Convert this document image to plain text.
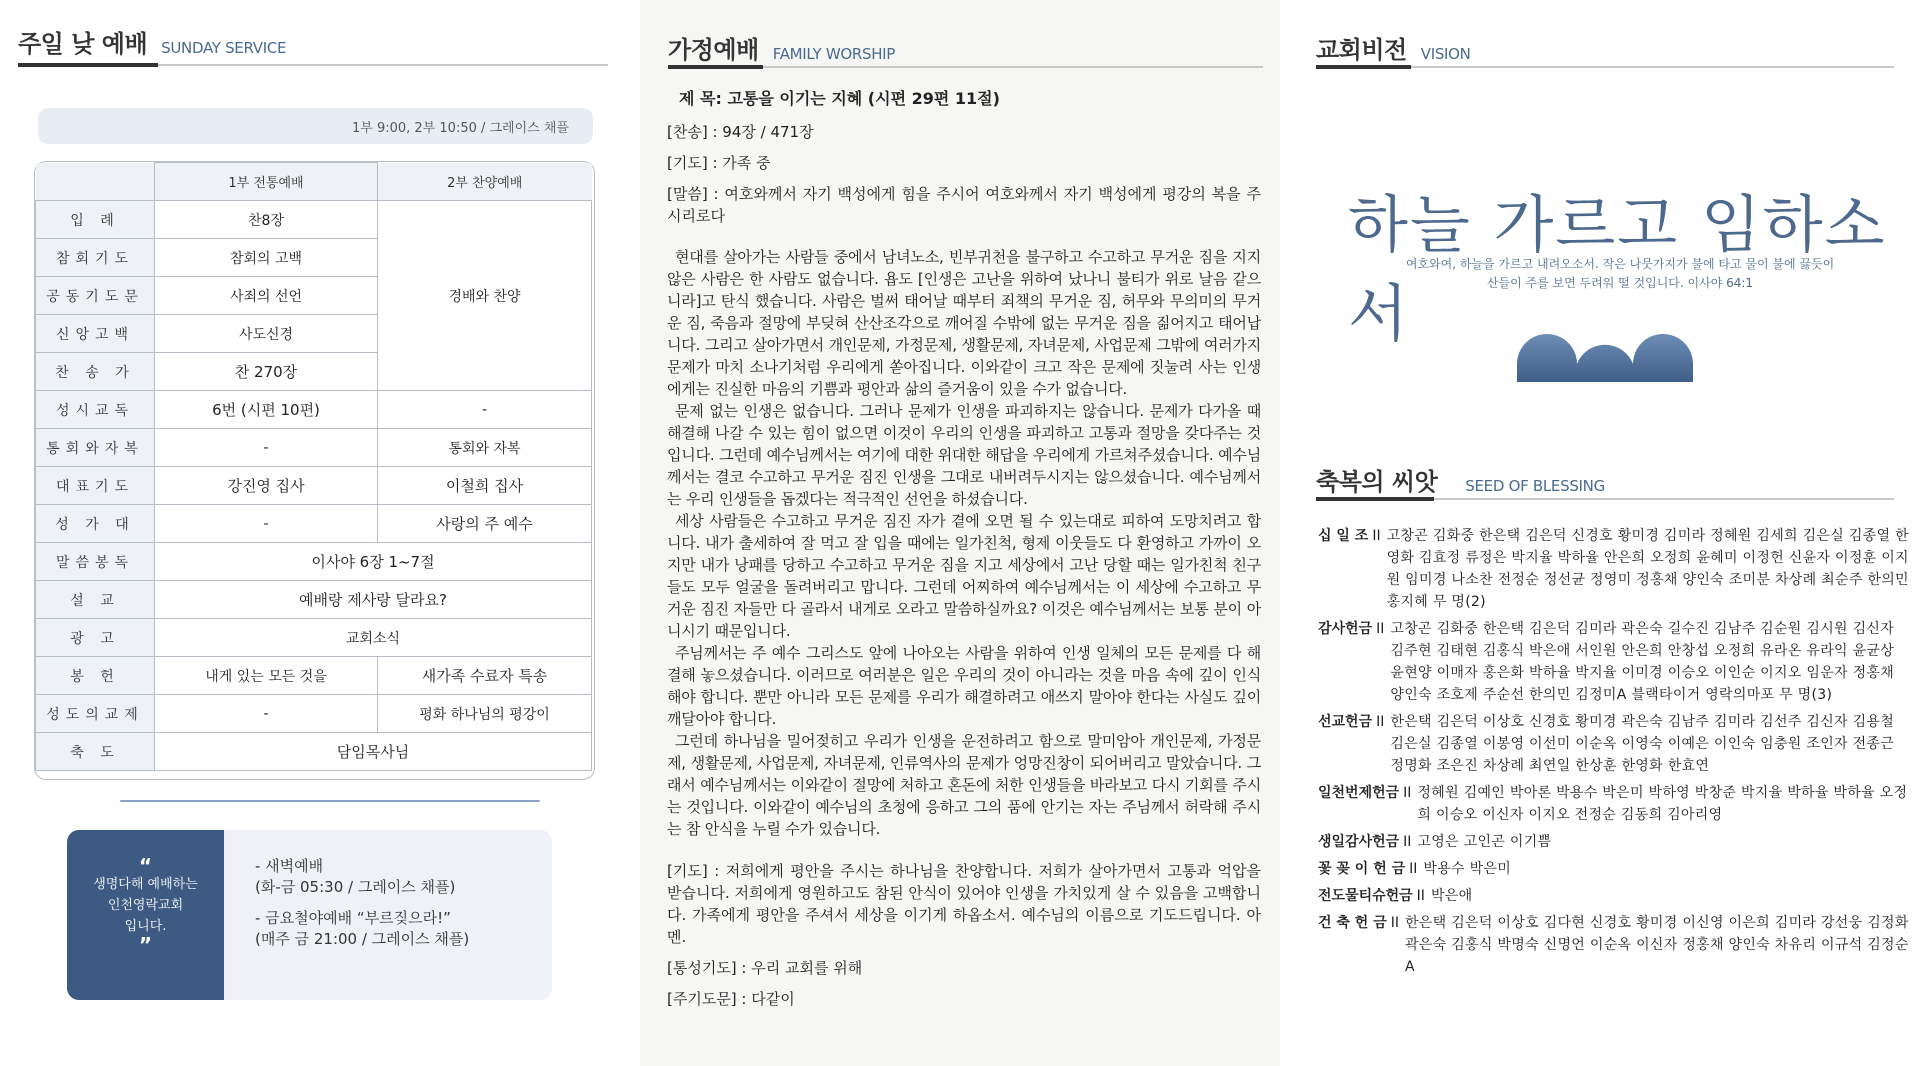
주일 낮 예배 SUNDAY SERVICE
1부 9:00, 2부 10:50 / 그레이스 채플
	1부 전통예배	2부 찬양예배
입 례	찬8장	경배와 찬양
참회기도	참회의 고백	
공동기도문	사죄의 선언	
신앙고백	사도신경	
찬 송 가	찬 270장	
성시교독	6번 (시편 10편)	-
통회와자복	-	통회와 자복
대표기도	강진영 집사	이철희 집사
성 가 대	-	사랑의 주 예수
말씀봉독	이사야 6장 1~7절	
설 교	예배랑 제사랑 달라요?	
광 고	교회소식	
봉 헌	내게 있는 모든 것을	새가족 수료자 특송
성도의교제	-	평화 하나님의 평강이
축 도	담임목사님	
“
생명다해 예배하는
인천영락교회
입니다.
”

- 새벽예배

(화-금 05:30 / 그레이스 채플)

- 금요철야예배 “부르짖으라!”

(매주 금 21:00 / 그레이스 채플)

가정예배 FAMILY WORSHIP
제 목: 고통을 이기는 지혜 (시편 29편 11절)
[찬송] : 94장 / 471장
[기도] : 가족 중
[말씀] : 여호와께서 자기 백성에게 힘을 주시어 여호와께서 자기 백성에게 평강의 복을 주시리로다

현대를 살아가는 사람들 중에서 남녀노소, 빈부귀천을 불구하고 수고하고 무거운 짐을 지지 않은 사람은 한 사람도 없습니다. 욥도 [인생은 고난을 위하여 났나니 불티가 위로 날음 같으니라]고 탄식 했습니다. 사람은 벌써 태어날 때부터 죄책의 무거운 짐, 허무와 무의미의 무거운 짐, 죽음과 절망에 부딪혀 산산조각으로 깨어질 수밖에 없는 무거운 짐을 짊어지고 태어납니다. 그리고 살아가면서 개인문제, 가정문제, 생활문제, 자녀문제, 사업문제 그밖에 여러가지 문제가 마치 소나기처럼 우리에게 쏟아집니다. 이와같이 크고 작은 문제에 짓눌려 사는 인생에게는 진실한 마음의 기쁨과 평안과 삶의 즐거움이 있을 수가 없습니다.

문제 없는 인생은 없습니다. 그러나 문제가 인생을 파괴하지는 않습니다. 문제가 다가올 때 해결해 나갈 수 있는 힘이 없으면 이것이 우리의 인생을 파괴하고 고통과 절망을 갖다주는 것입니다. 그런데 예수님께서는 여기에 대한 위대한 해답을 우리에게 가르쳐주셨습니다. 예수님께서는 결코 수고하고 무거운 짐진 인생을 그대로 내버려두시지는 않으셨습니다. 예수님께서는 우리 인생들을 돕겠다는 적극적인 선언을 하셨습니다.

세상 사람들은 수고하고 무거운 짐진 자가 곁에 오면 될 수 있는대로 피하여 도망치려고 합니다. 내가 출세하여 잘 먹고 잘 입을 때에는 일가친척, 형제 이웃들도 다 환영하고 가까이 오지만 내가 낭패를 당하고 수고하고 무거운 짐을 지고 세상에서 고난 당할 때는 일가친척 친구들도 모두 얼굴을 돌려버리고 맙니다. 그런데 어찌하여 예수님께서는 이 세상에 수고하고 무거운 짐진 자들만 다 골라서 내게로 오라고 말씀하실까요? 이것은 예수님께서는 보통 분이 아니시기 때문입니다.

주님께서는 주 예수 그리스도 앞에 나아오는 사람을 위하여 인생 일체의 모든 문제를 다 해결해 놓으셨습니다. 이러므로 여러분은 일은 우리의 것이 아니라는 것을 마음 속에 깊이 인식해야 합니다. 뿐만 아니라 모든 문제를 우리가 해결하려고 애쓰지 말아야 한다는 사실도 깊이 깨달아야 합니다.

그런데 하나님을 밀어젖히고 우리가 인생을 운전하려고 함으로 말미암아 개인문제, 가정문제, 생활문제, 사업문제, 자녀문제, 인류역사의 문제가 엉망진창이 되어버리고 말았습니다. 그래서 예수님께서는 이와같이 절망에 처하고 혼돈에 처한 인생들을 바라보고 다시 기회를 주시는 것입니다. 이와같이 예수님의 초청에 응하고 그의 품에 안기는 자는 주님께서 허락해 주시는 참 안식을 누릴 수가 있습니다.

[기도] : 저희에게 평안을 주시는 하나님을 찬양합니다. 저희가 살아가면서 고통과 억압을 받습니다. 저희에게 영원하고도 참된 안식이 있어야 인생을 가치있게 살 수 있음을 고백합니다. 가족에게 평안을 주셔서 세상을 이기게 하옵소서. 예수님의 이름으로 기도드립니다. 아멘.
[통성기도] : 우리 교회를 위해
[주기도문] : 다같이
교회비전 VISION
축복의 씨앗 SEED OF BLESSING
하늘 가르고 임하소서
여호와여, 하늘을 가르고 내려오소서. 작은 나뭇가지가 불에 타고 물이 불에 끓듯이
산들이 주를 보면 두려워 떨 것입니다. 이사야 64:1
십 일 조 II 고창곤 김화중 한은택 김은덕 신경호 황미경 김미라 정혜원 김세희 김은실 김종열 한영화 김효정 류정은 박지율 박하율 안은희 오정희 윤혜미 이정헌 신윤자 이정훈 이지원 임미경 나소찬 전정순 정선균 정영미 정홍채 양인숙 조미분 차상례 최순주 한의민 홍지혜 무 명(2)
감사헌금 II 고창곤 김화중 한은택 김은덕 김미라 곽은숙 길수진 김남주 김순원 김시원 김신자 김주현 김태현 김홍식 박은애 서인원 안은희 안창섭 오정희 유라온 유라익 윤균상 윤현양 이매자 홍은화 박하율 박지율 이미경 이승오 이인순 이지오 임운자 정홍채 양인숙 조호제 주순선 한의민 김정미A 블랙타이거 영락의마포 무 명(3)
선교헌금 II 한은택 김은덕 이상호 신경호 황미경 곽은숙 김남주 김미라 김선주 김신자 김용철 김은실 김종열 이봉영 이선미 이순옥 이영숙 이예은 이인숙 임충원 조인자 전종근 정명화 조은진 차상례 최연일 한상훈 한영화 한효연
일천번제헌금 II 정혜원 김예인 박아론 박용수 박은미 박하영 박창준 박지율 박하율 박하율 오정희 이승오 이신자 이지오 전정순 김동희 김아리영
생일감사헌금 II 고영은 고인곤 이기쁨
꽃 꽂 이 헌 금 II 박용수 박은미
전도물티슈헌금 II 박은애
건 축 헌 금 II 한은택 김은덕 이상호 김다현 신경호 황미경 이신영 이은희 김미라 강선웅 김정화 곽은숙 김홍식 박명숙 신명언 이순옥 이신자 정홍채 양인숙 차유리 이규석 김정순A
